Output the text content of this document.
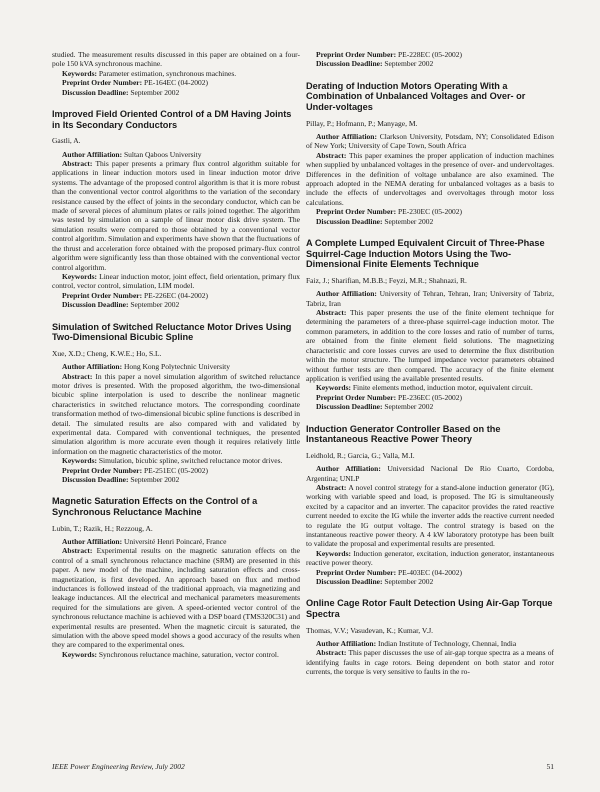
studied. The measurement results discussed in this paper are obtained on a four-pole 150 kVA synchronous machine.

Keywords: Parameter estimation, synchronous machines.

Preprint Order Number: PE-164EC (04-2002)

Discussion Deadline: September 2002

Improved Field Oriented Control of a DM Having Joints in Its Secondary Conductors

Gastli, A.

Author Affiliation: Sultan Qaboos University

Abstract: This paper presents a primary flux control algorithm suitable for applications in linear induction motors used in linear induction motor drive systems. The advantage of the proposed control algorithm is that it is more robust than the conventional vector control algorithms to the variation of the secondary resistance caused by the effect of joints in the secondary conductor, which can be made of several pieces of aluminum plates or rails joined together. The algorithm was tested by simulation on a sample of linear motor disk drive system. The simulation results were compared to those obtained by a conventional vector control algorithm. Simulation and experiments have shown that the fluctuations of the thrust and acceleration force obtained with the proposed primary-flux control algorithm were significantly less than those obtained with the conventional vector control algorithm.

Keywords: Linear induction motor, joint effect, field orientation, primary flux control, vector control, simulation, LIM model.

Preprint Order Number: PE-226EC (04-2002)

Discussion Deadline: September 2002

Simulation of Switched Reluctance Motor Drives Using Two-Dimensional Bicubic Spline

Xue, X.D.; Cheng, K.W.E.; Ho, S.L.

Author Affiliation: Hong Kong Polytechnic University

Abstract: In this paper a novel simulation algorithm of switched reluctance motor drives is presented. With the proposed algorithm, the two-dimensional bicubic spline interpolation is used to describe the nonlinear magnetic characteristics in switched reluctance motors. The corresponding coordinate transformation method of two-dimensional bicubic spline functions is described in detail. The simulated results are also compared with and validated by experimental data. Compared with conventional techniques, the presented simulation algorithm is more accurate even though it requires relatively little information on the magnetic characteristics of the motor.

Keywords: Simulation, bicubic spline, switched reluctance motor drives.

Preprint Order Number: PE-251EC (05-2002)

Discussion Deadline: September 2002

Magnetic Saturation Effects on the Control of a Synchronous Reluctance Machine

Lubin, T.; Razik, H.; Rezzoug, A.

Author Affiliation: Université Henri Poincaré, France

Abstract: Experimental results on the magnetic saturation effects on the control of a small synchronous reluctance machine (SRM) are presented in this paper. A new model of the machine, including saturation effects and cross-magnetization, is first developed. An approach based on flux and method inductances is followed instead of the traditional approach, via magnetizing and leakage inductances. All the electrical and mechanical parameters measurements required for the simulations are given. A speed-oriented vector control of the synchronous reluctance machine is achieved with a DSP board (TMS320C31) and experimental results are presented. When the magnetic circuit is saturated, the simulation with the above speed model shows a good accuracy of the results when they are compared to the experimental ones.

Keywords: Synchronous reluctance machine, saturation, vector control.

Preprint Order Number: PE-228EC (05-2002)

Discussion Deadline: September 2002

Derating of Induction Motors Operating With a Combination of Unbalanced Voltages and Over- or Under-voltages

Pillay, P.; Hofmann, P.; Manyage, M.

Author Affiliation: Clarkson University, Potsdam, NY; Consolidated Edison of New York; University of Cape Town, South Africa

Abstract: This paper examines the proper application of induction machines when supplied by unbalanced voltages in the presence of over- and undervoltages. Differences in the definition of voltage unbalance are also examined. The approach adopted in the NEMA derating for unbalanced voltages as a basis to include the effects of undervoltages and overvoltages through motor loss calculations.

Preprint Order Number: PE-230EC (05-2002)

Discussion Deadline: September 2002

A Complete Lumped Equivalent Circuit of Three-Phase Squirrel-Cage Induction Motors Using the Two-Dimensional Finite Elements Technique

Faiz, J.; Sharifian, M.B.B.; Feyzi, M.R.; Shahnazi, R.

Author Affiliation: University of Tehran, Tehran, Iran; University of Tabriz, Tabriz, Iran

Abstract: This paper presents the use of the finite element technique for determining the parameters of a three-phase squirrel-cage induction motor. The common parameters, in addition to the core losses and ratio of number of turns, are obtained from the finite element field solutions. The magnetizing characteristic and core losses curves are used to determine the flux distribution within the motor structure. The lumped impedance vector parameters obtained without further tests are then compared. The accuracy of the finite element application is verified using the available presented results.

Keywords: Finite elements method, induction motor, equivalent circuit.

Preprint Order Number: PE-236EC (05-2002)

Discussion Deadline: September 2002

Induction Generator Controller Based on the Instantaneous Reactive Power Theory

Leidhold, R.; Garcia, G.; Valla, M.I.

Author Affiliation: Universidad Nacional De Rio Cuarto, Cordoba, Argentina; UNLP

Abstract: A novel control strategy for a stand-alone induction generator (IG), working with variable speed and load, is proposed. The IG is simultaneously excited by a capacitor and an inverter. The capacitor provides the rated reactive current needed to excite the IG while the inverter adds the reactive current needed to regulate the IG output voltage. The control strategy is based on the instantaneous reactive power theory. A 4 kW laboratory prototype has been built to validate the proposal and experimental results are presented.

Keywords: Induction generator, excitation, induction generator, instantaneous reactive power theory.

Preprint Order Number: PE-403EC (04-2002)

Discussion Deadline: September 2002

Online Cage Rotor Fault Detection Using Air-Gap Torque Spectra

Thomas, V.V.; Vasudevan, K.; Kumar, V.J.

Author Affiliation: Indian Institute of Technology, Chennai, India

Abstract: This paper discusses the use of air-gap torque spectra as a means of identifying faults in cage rotors. Being dependent on both stator and rotor currents, the torque is very sensitive to faults in the ro-

IEEE Power Engineering Review, July 2002	51
